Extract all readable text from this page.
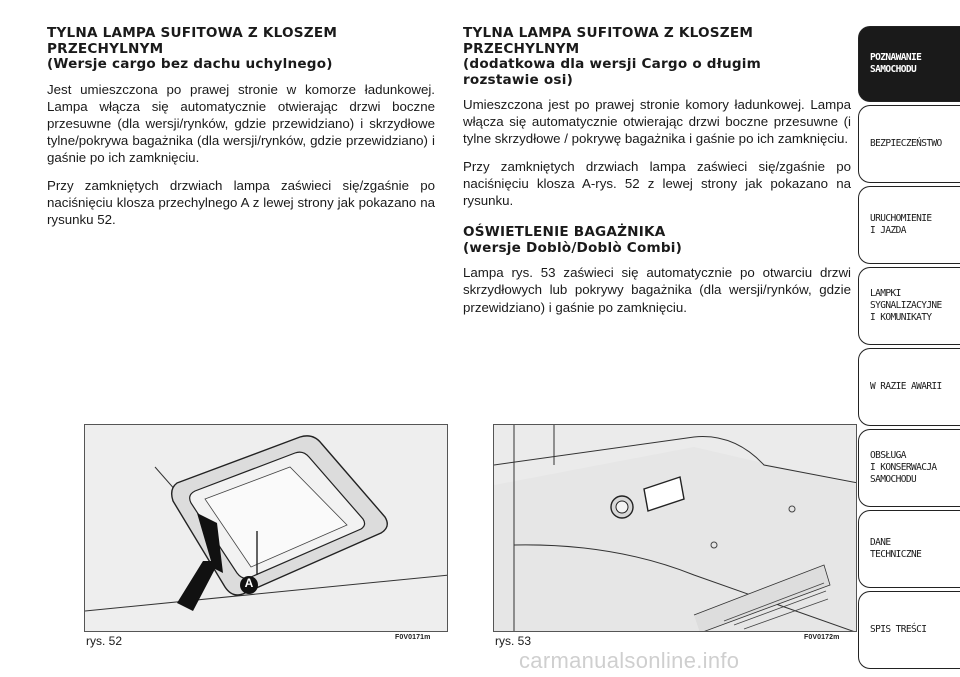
TYLNA LAMPA SUFITOWA Z KLOSZEM
PRZECHYLNYM
(Wersje cargo bez dachu uchylnego)

Jest umieszczona po prawej stronie w komorze ładunkowej. Lampa włącza się automatycznie otwierając drzwi boczne przesuwne (dla wersji/rynków, gdzie przewidziano) i skrzydłowe tylne/pokrywa bagażnika (dla wersji/rynków, gdzie przewidziano) i gaśnie po ich zamknięciu.

Przy zamkniętych drzwiach lampa zaświeci się/zgaśnie po naciśnięciu klosza przechylnego A z lewej strony jak pokazano na rysunku 52.

TYLNA LAMPA SUFITOWA Z KLOSZEM
PRZECHYLNYM
(dodatkowa dla wersji Cargo o długim
rozstawie osi)

Umieszczona jest po prawej stronie komory ładunkowej. Lampa włącza się automatycznie otwierając drzwi boczne przesuwne (i tylne skrzydłowe / pokrywę bagażnika i gaśnie po ich zamknięciu.

Przy zamkniętych drzwiach lampa zaświeci się/zgaśnie po naciśnięciu klosza A-rys. 52 z lewej strony jak pokazano na rysunku.

OŚWIETLENIE BAGAŻNIKA
(wersje Doblò/Doblò Combi)

Lampa rys. 53 zaświeci się automatycznie po otwarciu drzwi skrzydłowych lub pokrywy bagażnika (dla wersji/rynków, gdzie przewidziano) i gaśnie po zamknięciu.

A
rys. 52	F0V0171m	rys. 53	F0V0172m
POZNAWANIE
SAMOCHODU
BEZPIECZEŃSTWO
URUCHOMIENIE
I JAZDA
LAMPKI
SYGNALIZACYJNE
I KOMUNIKATY
W RAZIE AWARII
OBSŁUGA
I KONSERWACJA
SAMOCHODU
DANE
TECHNICZNE
SPIS TREŚCI
carmanualsonline.info
